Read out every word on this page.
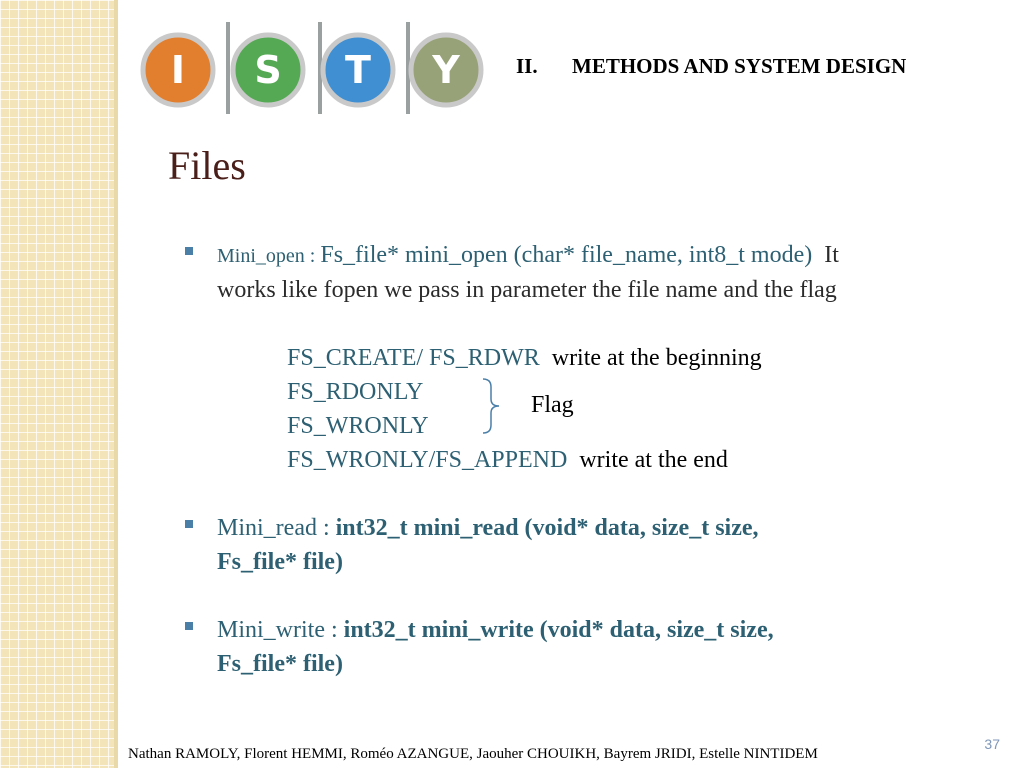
I S T Y	II. METHODS AND SYSTEM DESIGN
Files
Mini_open : Fs_file* mini_open (char* file_name, int8_t mode) It
works like fopen we pass in parameter the file name and the flag
FS_CREATE/ FS_RDWR write at the beginning
FS_RDONLY
FS_WRONLY
FS_WRONLY/FS_APPEND write at the end
Flag
Mini_read : int32_t mini_read (void* data, size_t size,
Fs_file* file)
Mini_write : int32_t mini_write (void* data, size_t size,
Fs_file* file)
Nathan RAMOLY, Florent HEMMI, Roméo AZANGUE, Jaouher CHOUIKH, Bayrem JRIDI, Estelle NINTIDEM
37
